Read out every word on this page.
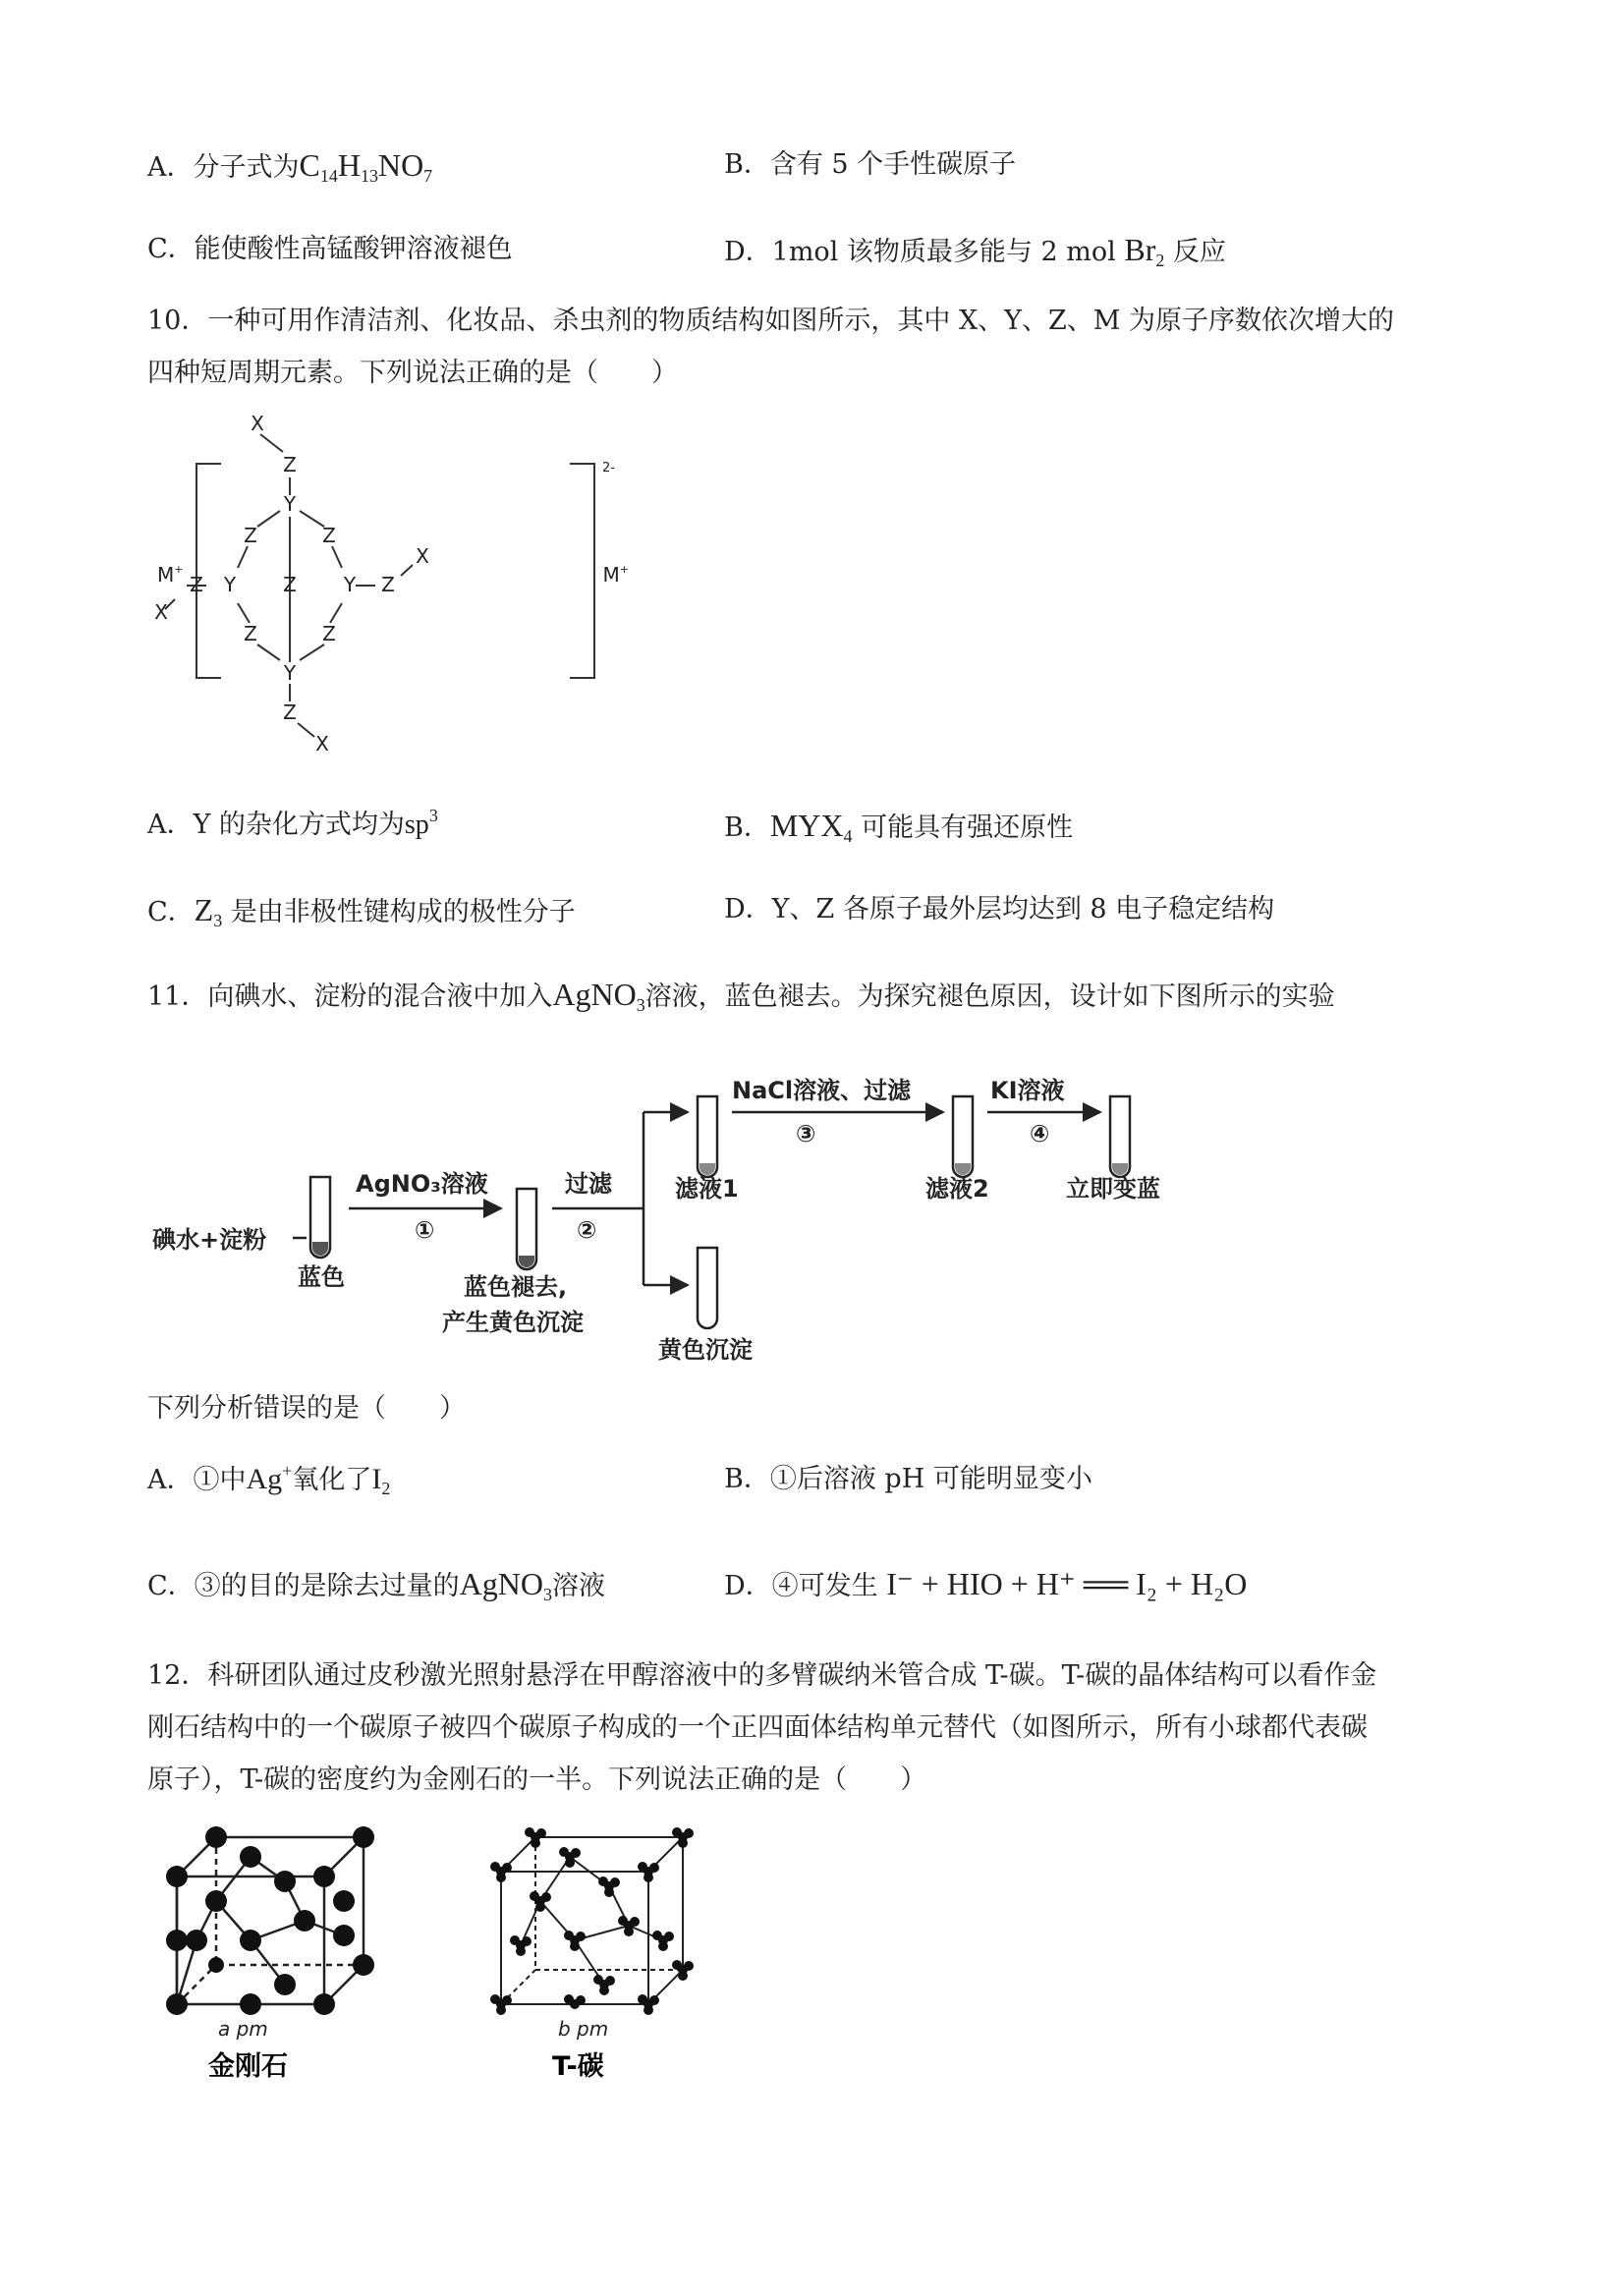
A．分子式为$C_{14}H_{13}NO_7$	B．含有 5 个手性碳原子
C．能使酸性高锰酸钾溶液褪色	D．1mol 该物质最多能与 2 mol $Br_2$ 反应
10．一种可用作清洁剂、化妆品、杀虫剂的物质结构如图所示，其中 X、Y、Z、M 为原子序数依次增大的
四种短周期元素。下列说法正确的是（　　）
X
Z
Y
Z	Z
Y
Z
X
Z Y Z
X
Z	Z
Y
Z
X
2-
M+	M+
A．Y 的杂化方式均为$sp^3$	B．$MYX_4$ 可能具有强还原性
C．$Z_3$ 是由非极性键构成的极性分子	D．Y、Z 各原子最外层均达到 8 电子稳定结构
11．向碘水、淀粉的混合液中加入AgNO$_3$溶液，蓝色褪去。为探究褪色原因，设计如下图所示的实验
碘水+淀粉
蓝色
AgNO₃溶液
①
蓝色褪去,
产生黄色沉淀
过滤
②
滤液1
黄色沉淀
NaCl溶液、过滤
③
滤液2
KI溶液
④
立即变蓝
下列分析错误的是（　　）
A．①中Ag+氧化了$I_2$	B．①后溶液 pH 可能明显变小
C．③的目的是除去过量的AgNO$_3$溶液	D．④可发生 I⁻ + HIO + H⁺ ══ I₂ + H₂O
12．科研团队通过皮秒激光照射悬浮在甲醇溶液中的多臂碳纳米管合成 T-碳。T-碳的晶体结构可以看作金
刚石结构中的一个碳原子被四个碳原子构成的一个正四面体结构单元替代（如图所示，所有小球都代表碳
原子），T-碳的密度约为金刚石的一半。下列说法正确的是（　　）
a pm
金刚石
b pm
T-碳
